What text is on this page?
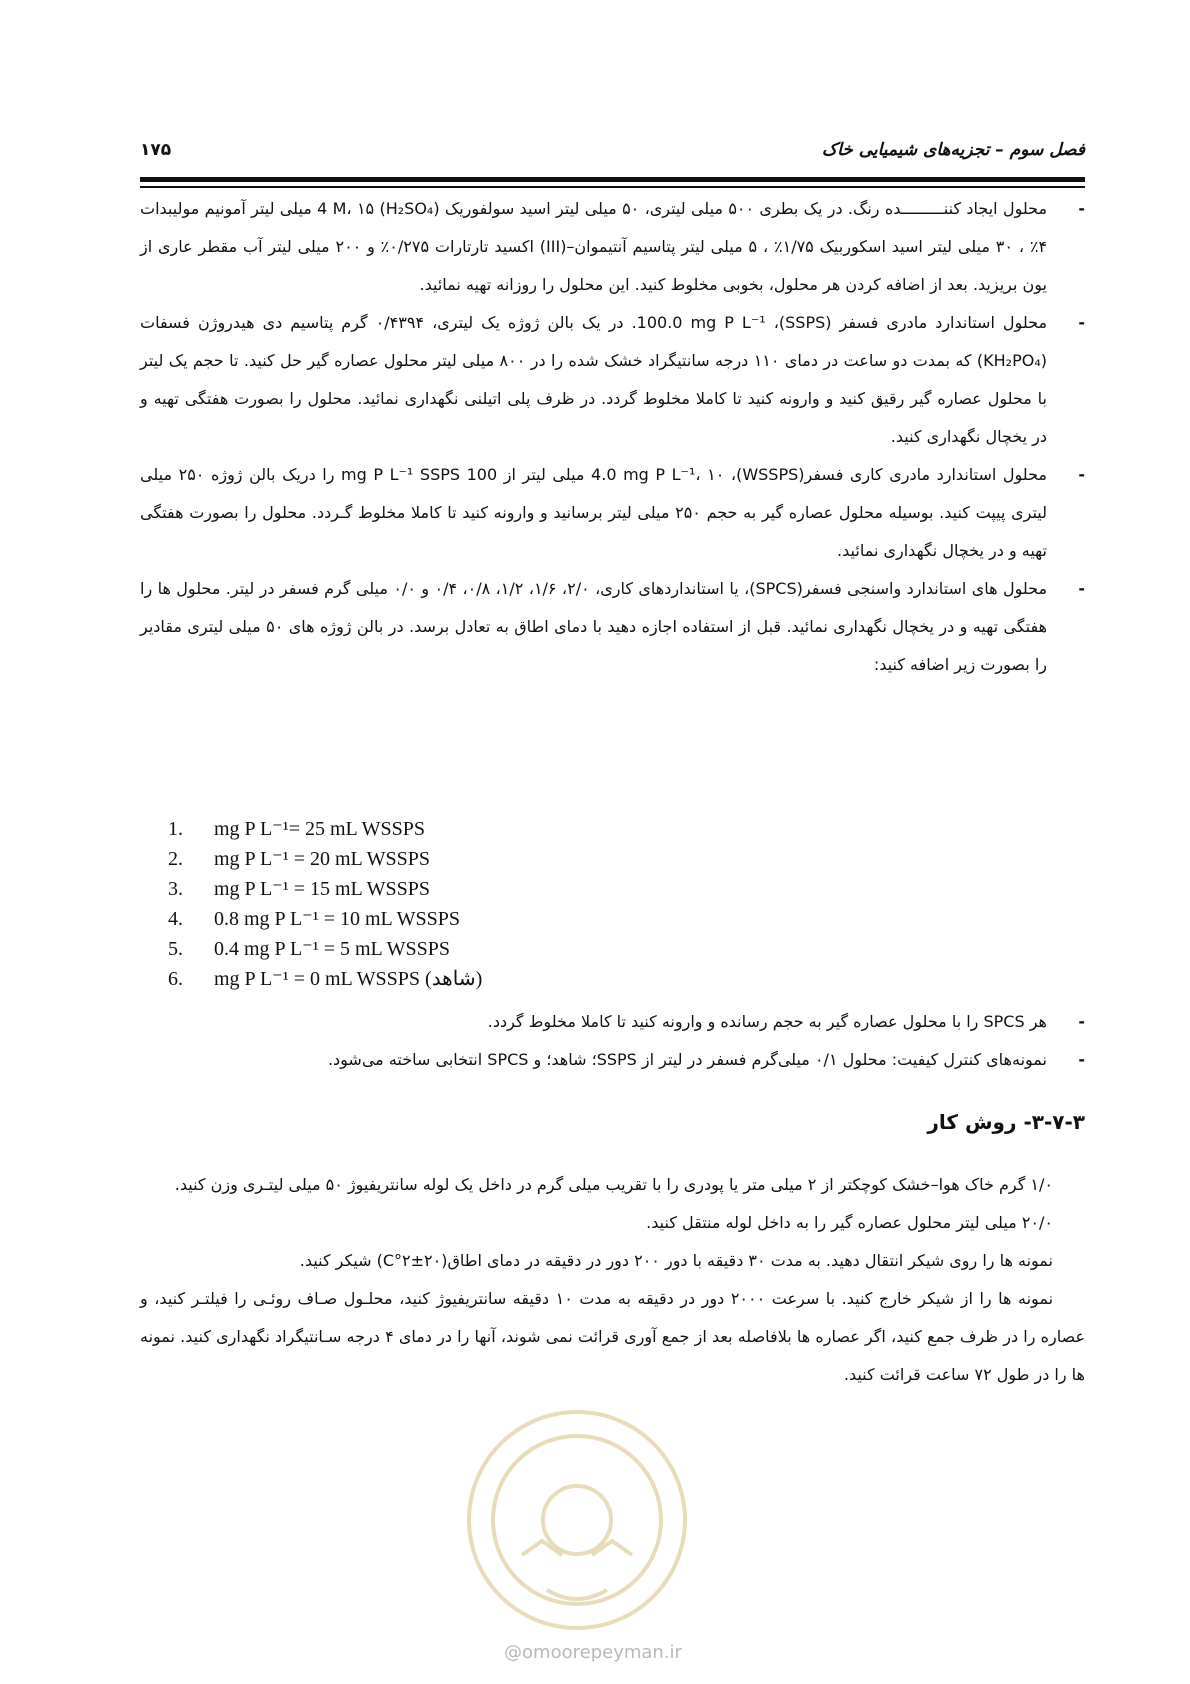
فصل سوم – تجزیه‌های شیمیایی خاک
۱۷۵
-
محلول ایجاد کننـــــــــده رنگ. در یک بطری ۵۰۰ میلی لیتری، ۵۰ میلی لیتر اسید سولفوریک (H₂SO₄) 4 M، ۱۵ میلی لیتر آمونیم مولیبدات ۴٪ ، ۳۰ میلی لیتر اسید اسکوربیک ۱/۷۵٪ ، ۵ میلی لیتر پتاسیم آنتیموان–(III) اکسید تارتارات ۰/۲۷۵٪ و ۲۰۰ میلی لیتر آب مقطر عاری از یون بریزید. بعد از اضافه کردن هر محلول، بخوبی مخلوط کنید. این محلول را روزانه تهیه نمائید.
-
محلول استاندارد مادری فسفر (SSPS)، 100.0 mg P L⁻¹. در یک بالن ژوژه یک لیتری، ۰/۴۳۹۴ گرم پتاسیم دی هیدروژن فسفات (KH₂PO₄) که بمدت دو ساعت در دمای ۱۱۰ درجه سانتیگراد خشک شده را در ۸۰۰ میلی لیتر محلول عصاره گیر حل کنید. تا حجم یک لیتر با محلول عصاره گیر رقیق کنید و وارونه کنید تا کاملا مخلوط گردد. در ظرف پلی اتیلنی نگهداری نمائید. محلول را بصورت هفتگی تهیه و در یخچال نگهداری کنید.
-
محلول استاندارد مادری کاری فسفر(WSSPS)، 4.0 mg P L⁻¹، ۱۰ میلی لیتر از 100 mg P L⁻¹ SSPS را دریک بالن ژوژه ۲۵۰ میلی لیتری پیپت کنید. بوسیله محلول عصاره گیر به حجم ۲۵۰ میلی لیتر برسانید و وارونه کنید تا کاملا مخلوط گـردد. محلول را بصورت هفتگی تهیه و در یخچال نگهداری نمائید.
-
محلول های استاندارد واسنجی فسفر(SPCS)، یا استانداردهای کاری، ۲/۰، ۱/۶، ۱/۲، ۰/۸، ۰/۴ و ۰/۰ میلی گرم فسفر در لیتر. محلول ها را هفتگی تهیه و در یخچال نگهداری نمائید. قبل از استفاده اجازه دهید با دمای اطاق به تعادل برسد. در بالن ژوژه های ۵۰ میلی لیتری مقادیر را بصورت زیر اضافه کنید:
1. mg P L⁻¹= 25 mL WSSPS
2. mg P L⁻¹ = 20 mL WSSPS
3. mg P L⁻¹ = 15 mL WSSPS
4. 0.8 mg P L⁻¹ = 10 mL WSSPS
5. 0.4 mg P L⁻¹ = 5 mL WSSPS
6. mg P L⁻¹ = 0 mL WSSPS (شاهد)
-
هر SPCS را با محلول عصاره گیر به حجم رسانده و وارونه کنید تا کاملا مخلوط گردد.
-
نمونه‌های کنترل کیفیت: محلول ۰/۱ میلی‌گرم فسفر در لیتر از SSPS؛ شاهد؛ و SPCS انتخابی ساخته می‌شود.
۳-۷-۳- روش کار

۱/۰ گرم خاک هوا–خشک کوچکتر از ۲ میلی متر یا پودری را با تقریب میلی گرم در داخل یک لوله سانتریفیوژ ۵۰ میلی لیتـری وزن کنید.

۲۰/۰ میلی لیتر محلول عصاره گیر را به داخل لوله منتقل کنید.

نمونه ها را روی شیکر انتقال دهید. به مدت ۳۰ دقیقه با دور ۲۰۰ دور در دقیقه در دمای اطاق(۲۰±۲°C) شیکر کنید.

نمونه ها را از شیکر خارج کنید. با سرعت ۲۰۰۰ دور در دقیقه به مدت ۱۰ دقیقه سانتریفیوژ کنید، محلـول صـاف روئـی را فیلتـر کنید، و عصاره را در ظرف جمع کنید، اگر عصاره ها بلافاصله بعد از جمع آوری قرائت نمی شوند، آنها را در دمای ۴ درجه سـانتیگراد نگهداری کنید. نمونه ها را در طول ۷۲ ساعت قرائت کنید.

@omoorepeyman.ir
